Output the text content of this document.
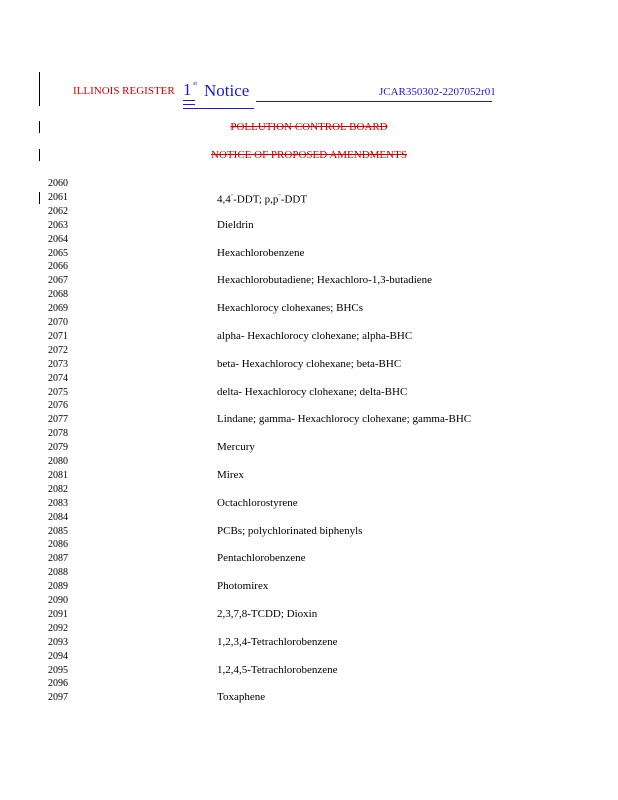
ILLINOIS REGISTER 1 st Notice	JCAR350302-2207052r01
POLLUTION CONTROL BOARD
NOTICE OF PROPOSED AMENDMENTS
2060
2061
2062
2063
2064
2065
2066
2067
2068
2069
2070
2071
2072
2073
2074
2075
2076
2077
2078
2079
2080
2081
2082
2083
2084
2085
2086
2087
2088
2089
2090
2091
2092
2093
2094
2095
2096
2097
4,4'′-DDT; p,p'′-DDT
Dieldrin
Hexachlorobenzene
Hexachlorobutadiene; Hexachloro-1,3-butadiene
Hexachlorocy clohexanes; BHCs
alpha- Hexachlorocy clohexane; alpha-BHC
beta- Hexachlorocy clohexane; beta-BHC
delta- Hexachlorocy clohexane; delta-BHC
Lindane; gamma- Hexachlorocy clohexane; gamma-BHC
Mercury
Mirex
Octachlorostyrene
PCBs; polychlorinated biphenyls
Pentachlorobenzene
Photomirex
2,3,7,8-TCDD; Dioxin
1,2,3,4-Tetrachlorobenzene
1,2,4,5-Tetrachlorobenzene
Toxaphene
